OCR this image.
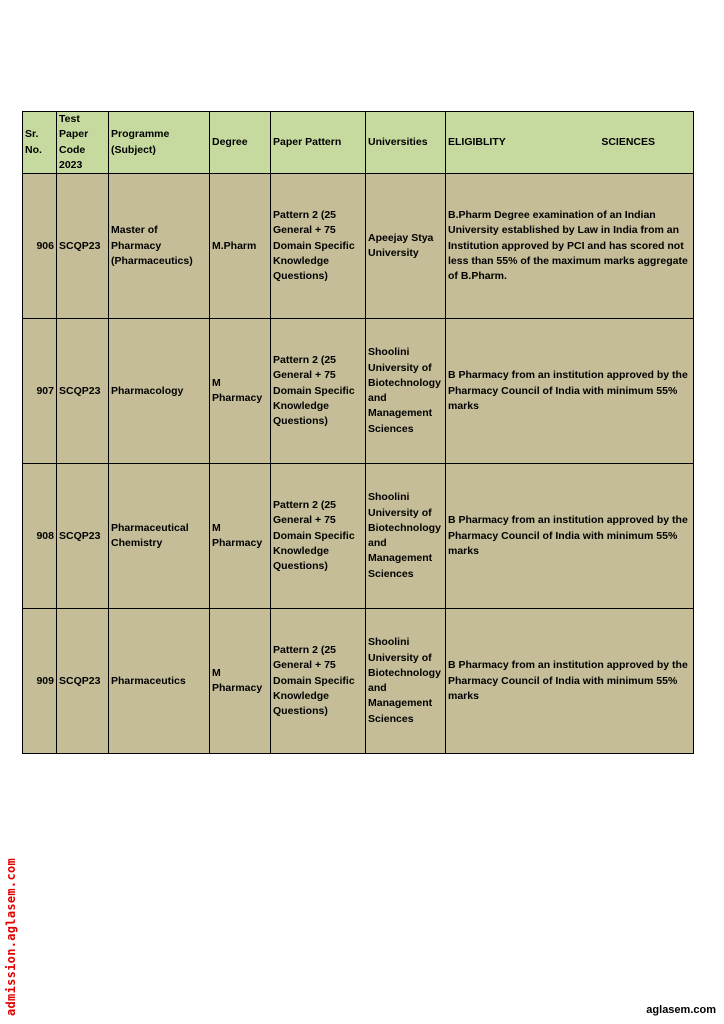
Sr. No.	Test Paper Code 2023	Programme (Subject)	Degree	Paper Pattern	Universities	ELIGIBLITY SCIENCES

906	SCQP23	Master of Pharmacy (Pharmaceutics)	M.Pharm	Pattern 2 (25 General + 75 Domain Specific Knowledge Questions)	Apeejay Stya University	B.Pharm Degree examination of an Indian University established by Law in India from an Institution approved by PCI and has scored not less than 55% of the maximum marks aggregate of B.Pharm.
907	SCQP23	Pharmacology	M Pharmacy	Pattern 2 (25 General + 75 Domain Specific Knowledge Questions)	Shoolini University of Biotechnology and Management Sciences	B Pharmacy from an institution approved by the Pharmacy Council of India with minimum 55% marks
908	SCQP23	Pharmaceutical Chemistry	M Pharmacy	Pattern 2 (25 General + 75 Domain Specific Knowledge Questions)	Shoolini University of Biotechnology and Management Sciences	B Pharmacy from an institution approved by the Pharmacy Council of India with minimum 55% marks
909	SCQP23	Pharmaceutics	M Pharmacy	Pattern 2 (25 General + 75 Domain Specific Knowledge Questions)	Shoolini University of Biotechnology and Management Sciences	B Pharmacy from an institution approved by the Pharmacy Council of India with minimum 55% marks
admission.aglasem.com	aglasem.com
